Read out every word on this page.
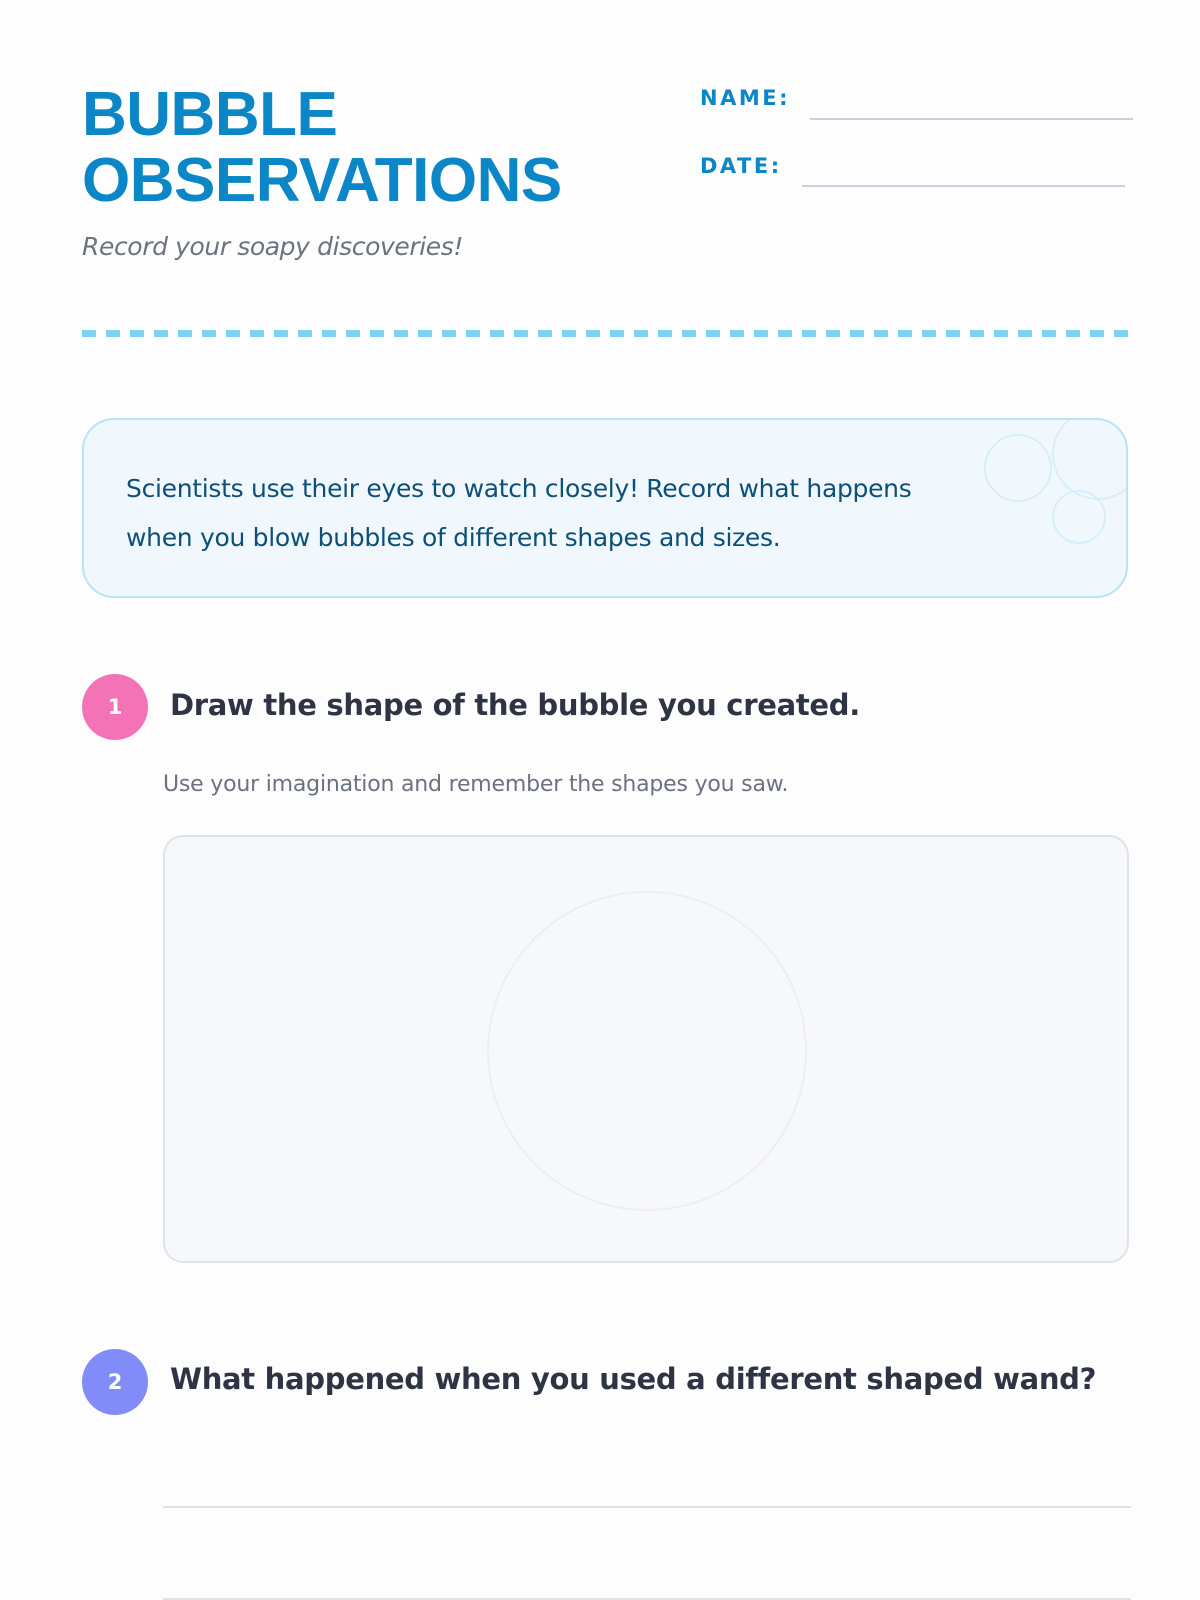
BUBBLE
OBSERVATIONS

Record your soapy discoveries!

NAME:
DATE:

Scientists use their eyes to watch closely! Record what happens
when you blow bubbles of different shapes and sizes.

1	Draw the shape of the bubble you created.

Use your imagination and remember the shapes you saw.

2	What happened when you used a different shaped wand?
